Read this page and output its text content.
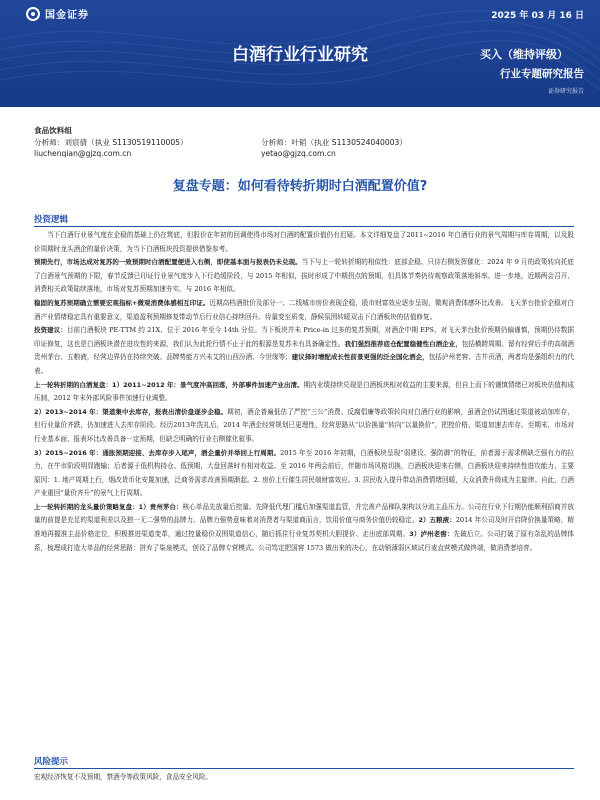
国金证券	2025 年 03 月 16 日
白酒行业行业研究	买入（维持评级）
行业专题研究报告
证券研究报告
食品饮料组
分析师：刘宸倩（执业 S1130519110005）	分析师：叶韬（执业 S1130524040003）
liuchenqian@gjzq.com.cn	yetao@gjzq.com.cn
复盘专题：如何看待转折期时白酒配置价值?
投资逻辑

当下白酒行业景气度在企稳的基础上仍在筑底，但股价在年初的回调使得市场对白酒的配置价值仍有迟疑。本文详细复盘了2011~2016 年白酒行业的景气周期与库存周期，以及股价周期时龙头酒企的量价决策，为当下白酒板块投资提供借鉴参考。

预期先行，市场达成对复苏的一致预期时白酒配置便进入右侧，即使基本面与报表仍未兑现。当下与上一轮转折期的相似性：底部企稳、只待右侧发挥催化：2024 年 9 月的政策转向托底了白酒景气预期的下限，春节反馈已印证行业景气度步入下行趋缓阶段，与 2015 年相似，拔时形成了中期拐点的预期，但具体节奏仍待观察政策落地斜率。进一步地，近期两会召开、消费相关政策陆续落地，市场对复苏预期加速夯实，与 2016 年相似。

稳固的复苏预期确立需要宏观指标+微观消费体感相互印证。近期高档酒批价及部分一、二线城市房价表现企稳，股市财富效应逐步呈现，微观消费体感环比改善。飞天茅台批价企稳对白酒产业情绪稳定具有重要意义，渠道盈利预期修复带动节后行业信心持续回升。待量变至质变，静候氛围转暖双击下白酒板块的估值修复。

投资建议：目前白酒板块 PE-TTM 约 21X、位于 2016 年至今 14th 分位。当下板块并未 Price-in 过多的复苏预期，对酒企中期 EPS、对飞天茅台批价预期仍偏谨慎，预期仍待数据印证修复，这也是白酒板块潜在进攻性的来源，我们认为此轮行情不止于此的根源是复苏未有具备确定性。我们强烈推荐底仓配置稳健性白酒企业，包括横跨周期、留有经营后手的高端酒贵州茅台、五粮液，经营边界仍在持续突破、品牌势能方兴未艾的山西汾酒、今世缘等；建议择时增配成长性前景更强的泛全国化酒企，包括泸州老窖、古井贡酒，两者均是强组织力的代表。

上一轮转折期的白酒复盘：1）2011~2012 年：景气度冲高回落，外部事件加速产业出清。期内业绩持续兑现是白酒板块相对收益的主要来源，但自上而下的谨慎情绪已对板块估值构成压制，2012 年末外部风险事件加速行业调整。

2）2013~2014 年：渠道集中去库存，报表出清价盘逐步企稳。期初，酒企普遍低估了严控“三公”消费、反腐倡廉等政策转向对白酒行业的影响，虽酒企仍试图通过渠道被动加库存，但行业量价齐跌，仍加速进入去库存阶段。经历2013年洗礼后，2014 年酒企经营规划已更理性，经营思路从“以价换量”转向“以量换价”，把控价格、渠道加速去库存。至期末，市场对行业基本面、报表环比改善具备一定预期，但缺乏明确的行业右侧催化叙事。

3）2015~2016 年：通胀预期迎接、去库存步入尾声，酒企量价并举回上行周期。2015 年至 2016 年初期，白酒板块呈现“弱建设、强防御”的特征，前者源于需求侧缺乏强有力的拉力，在牛市阶段明显跑输；后者源于低机构持仓、低预期，大盘回落时有相对收益。至 2016 年两会前后，伴随市场风格切换，白酒板块迎来右侧，白酒板块迎来持续性进攻能力，主要原因：1. 地产周期上行，烟改货币化安置加速，泛商务需求改善预期渐起。2. 房价上行催生居民端财富效应。3. 居民收入提升带动消费情绪回暖，大众消费升级成为主旋律。自此，白酒产业重回“量价齐升”的景气上行周期。

上一轮转折期的龙头量价策略复盘：1）贵州茅台：核心单品先放量后控量、先降低代理门槛后加强渠道监管，并完善产品梯队架构以分流主品压力。公司在行业下行期仍能顺利招商并放量的前提是充足的渠道利差以及独一无二强势的品牌力。品牌力强势意味着对消费者与渠道商而言，饮用价值与商务价值仍较稳定。2）五粮液：2014 年公司及时开启降价换量策略，精准地再握准主品价格定位，积极推进渠道变革，通过控量稳价双围渠道信心，随后抓住行业复苏契机大胆提价、走出底部周期。3）泸州老窖：先破后立。公司打破了原有杂乱的品牌体系，梳理成打造大单品的经营思路：拼弃了柒泉模式，创设了品牌专营模式。公司笃定把国窖 1573 做出来的决心，在动销薄弱区域试行麦直营模式做终端，做消费者培育。

风险提示
宏观经济恢复不及预期，禁酒令等政策风险，食品安全风险。
